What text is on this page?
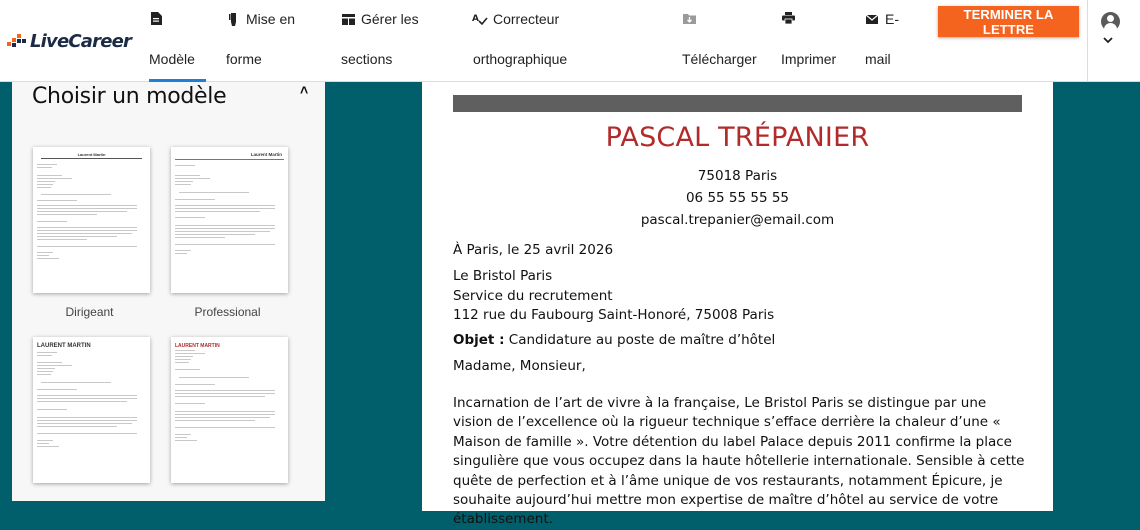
LiveCareer
Modèle
Mise en
forme
Gérer les
sections
A Correcteur
orthographique	Télécharger Imprimer
E-
mail
TERMINER LA LETTRE
Choisir un modèle	˄
Laurent Martin
Dirigeant
Laurent Martin
Professional
LAURENT MARTIN	LAURENT MARTIN
PASCAL TRÉPANIER
75018 Paris
06 55 55 55 55
pascal.trepanier@email.com
À Paris, le 25 avril 2026
Le Bristol Paris
Service du recrutement
112 rue du Faubourg Saint-Honoré, 75008 Paris
Objet : Candidature au poste de maître d’hôtel
Madame, Monsieur,
Incarnation de l’art de vivre à la française, Le Bristol Paris se distingue par une vision de l’excellence où la rigueur technique s’efface derrière la chaleur d’une « Maison de famille ». Votre détention du label Palace depuis 2011 confirme la place singulière que vous occupez dans la haute hôtellerie internationale. Sensible à cette quête de perfection et à l’âme unique de vos restaurants, notamment Épicure, je souhaite aujourd’hui mettre mon expertise de maître d’hôtel au service de votre établissement.
